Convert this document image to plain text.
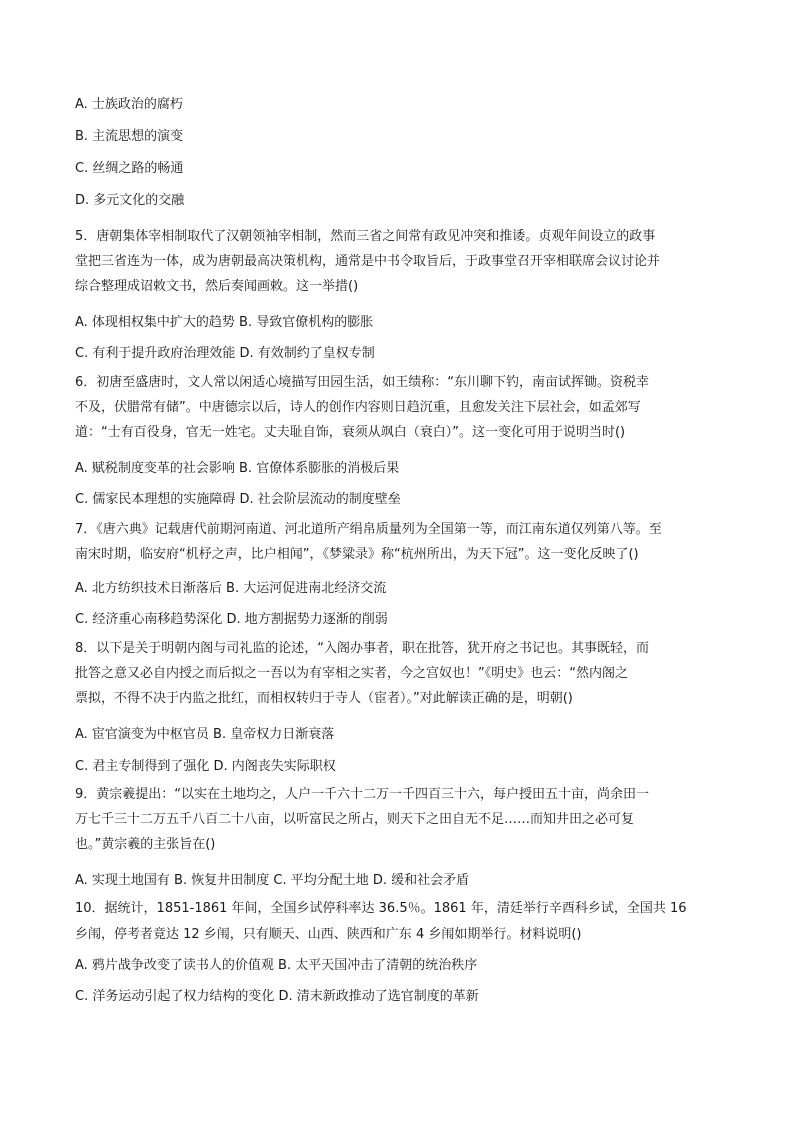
A. 士族政治的腐朽
B. 主流思想的演变
C. 丝绸之路的畅通
D. 多元文化的交融
5．唐朝集体宰相制取代了汉朝领袖宰相制，然而三省之间常有政见冲突和推诿。贞观年间设立的政事
堂把三省连为一体，成为唐朝最高决策机构，通常是中书令取旨后，于政事堂召开宰相联席会议讨论并
综合整理成诏敕文书，然后奏闻画敕。这一举措()
A. 体现相权集中扩大的趋势 B. 导致官僚机构的膨胀
C. 有利于提升政府治理效能 D. 有效制约了皇权专制
6．初唐至盛唐时，文人常以闲适心境描写田园生活，如王绩称：“东川聊下钓，南亩试挥锄。资税幸
不及，伏腊常有储”。中唐德宗以后，诗人的创作内容则日趋沉重，且愈发关注下层社会，如孟郊写
道：“士有百役身，官无一姓宅。丈夫耻自饰，衰须从飒白（衰白）”。这一变化可用于说明当时()
A. 赋税制度变革的社会影响 B. 官僚体系膨胀的消极后果
C. 儒家民本理想的实施障碍 D. 社会阶层流动的制度壁垒
7．《唐六典》记载唐代前期河南道、河北道所产绢帛质量列为全国第一等，而江南东道仅列第八等。至
南宋时期，临安府“机杼之声，比户相闻”，《梦粱录》称“杭州所出，为天下冠”。这一变化反映了()
A. 北方纺织技术日渐落后 B. 大运河促进南北经济交流
C. 经济重心南移趋势深化 D. 地方割据势力逐渐的削弱
8．以下是关于明朝内阁与司礼监的论述，“入阁办事者，职在批答，犹开府之书记也。其事既轻，而
批答之意又必自内授之而后拟之一吾以为有宰相之实者，今之宫奴也！”《明史》也云：“然内阁之
票拟，不得不决于内监之批红，而相权转归于寺人（宦者）。”对此解读正确的是，明朝()
A. 宦官演变为中枢官员 B. 皇帝权力日渐衰落
C. 君主专制得到了强化 D. 内阁丧失实际职权
9．黄宗羲提出：“以实在土地均之，人户一千六十二万一千四百三十六，每户授田五十亩，尚余田一
万七千三十二万五千八百二十八亩，以听富民之所占，则天下之田自无不足……而知井田之必可复
也。”黄宗羲的主张旨在()
A. 实现土地国有 B. 恢复井田制度 C. 平均分配土地 D. 缓和社会矛盾
10．据统计，1851-1861 年间，全国乡试停科率达 36.5％。1861 年，清廷举行辛酉科乡试，全国共 16
乡闱，停考者竟达 12 乡闱，只有顺天、山西、陕西和广东 4 乡闱如期举行。材料说明()
A. 鸦片战争改变了读书人的价值观 B. 太平天国冲击了清朝的统治秩序
C. 洋务运动引起了权力结构的变化 D. 清末新政推动了选官制度的革新
